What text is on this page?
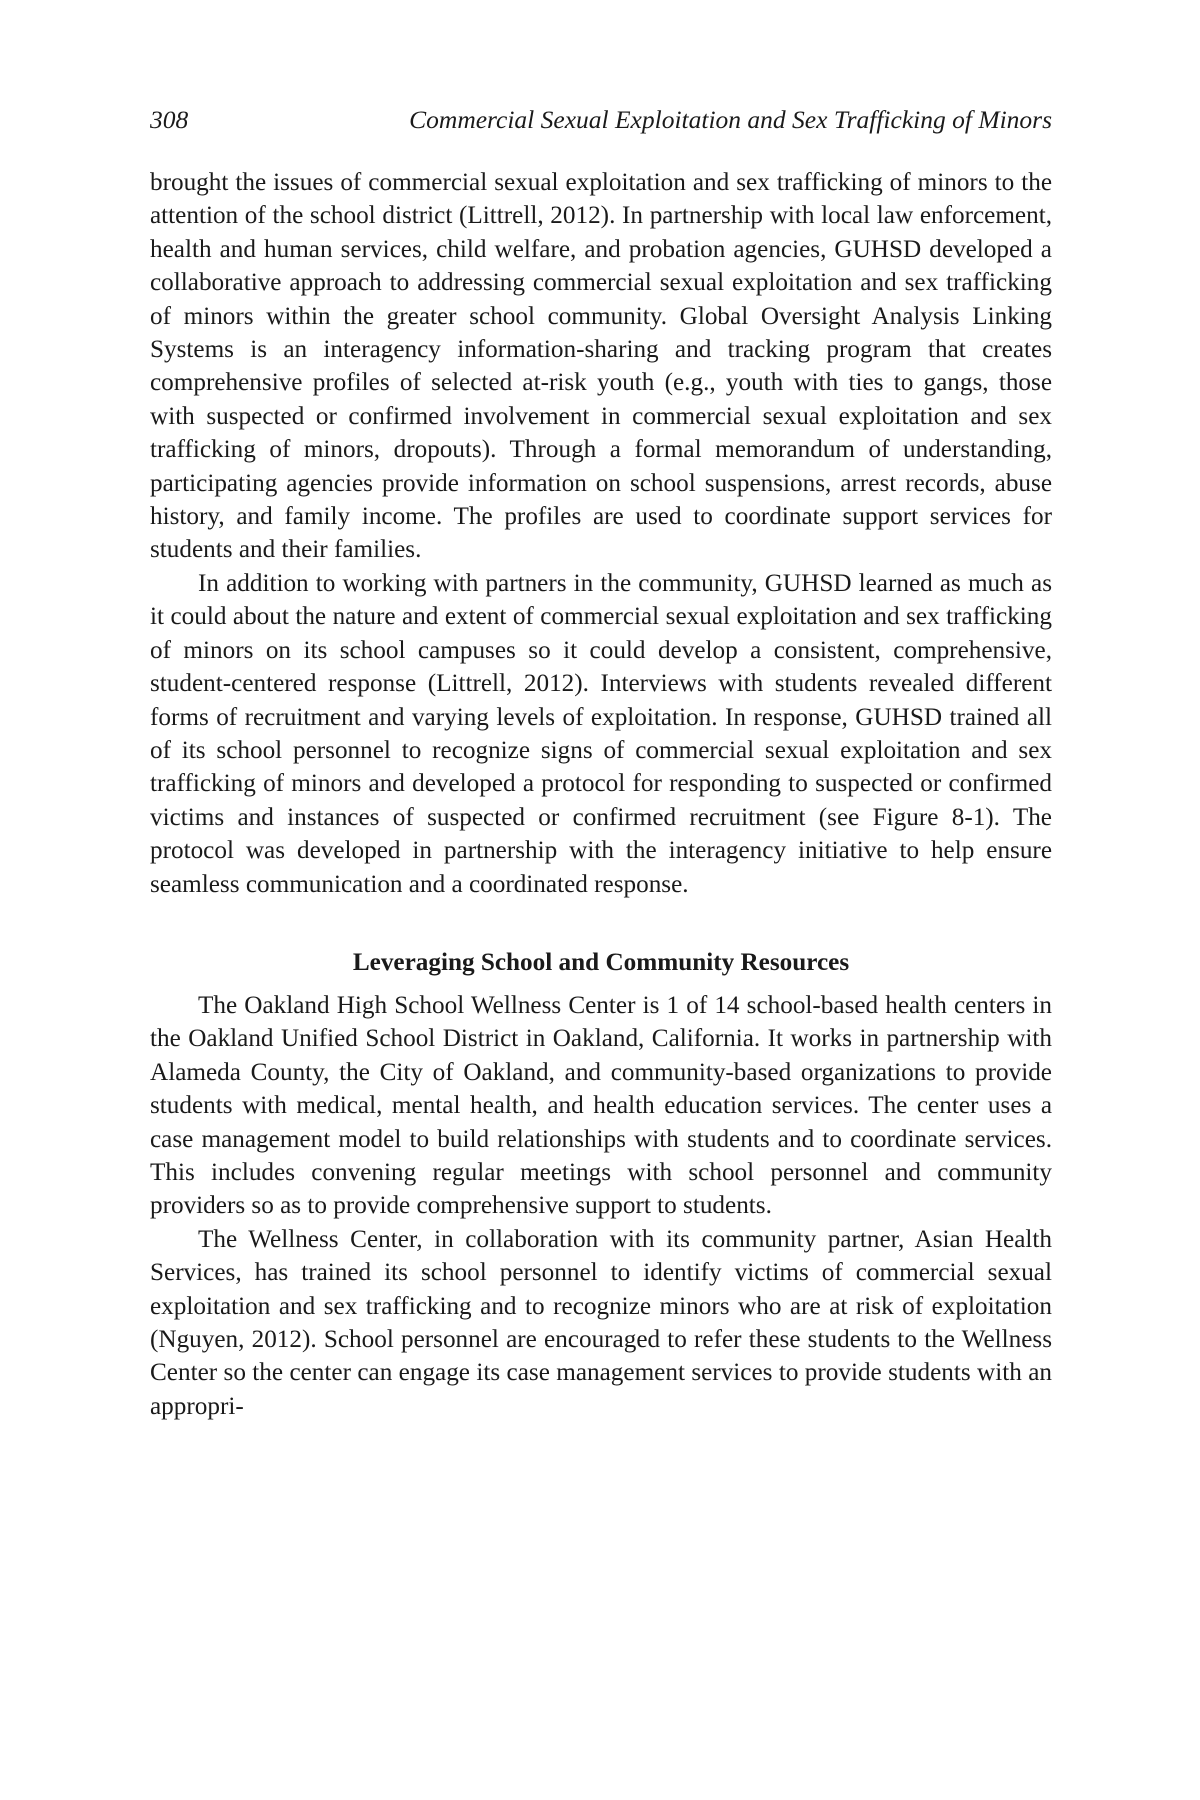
308	Commercial Sexual Exploitation and Sex Trafficking of Minors

brought the issues of commercial sexual exploitation and sex trafficking of minors to the attention of the school district (Littrell, 2012). In partnership with local law enforcement, health and human services, child welfare, and probation agencies, GUHSD developed a collaborative approach to addressing commercial sexual exploitation and sex trafficking of minors within the greater school community. Global Oversight Analysis Linking Systems is an interagency information-sharing and tracking program that creates comprehensive profiles of selected at-risk youth (e.g., youth with ties to gangs, those with suspected or confirmed involvement in commercial sexual exploitation and sex trafficking of minors, dropouts). Through a formal memorandum of understanding, participating agencies provide information on school suspensions, arrest records, abuse history, and family income. The profiles are used to coordinate support services for students and their families.

In addition to working with partners in the community, GUHSD learned as much as it could about the nature and extent of commercial sexual exploitation and sex trafficking of minors on its school campuses so it could develop a consistent, comprehensive, student-centered response (Littrell, 2012). Interviews with students revealed different forms of recruitment and varying levels of exploitation. In response, GUHSD trained all of its school personnel to recognize signs of commercial sexual exploitation and sex trafficking of minors and developed a protocol for responding to suspected or confirmed victims and instances of suspected or confirmed recruitment (see Figure 8-1). The protocol was developed in partnership with the interagency initiative to help ensure seamless communication and a coordinated response.

Leveraging School and Community Resources

The Oakland High School Wellness Center is 1 of 14 school-based health centers in the Oakland Unified School District in Oakland, California. It works in partnership with Alameda County, the City of Oakland, and community-based organizations to provide students with medical, mental health, and health education services. The center uses a case management model to build relationships with students and to coordinate services. This includes convening regular meetings with school personnel and community providers so as to provide comprehensive support to students.

The Wellness Center, in collaboration with its community partner, Asian Health Services, has trained its school personnel to identify victims of commercial sexual exploitation and sex trafficking and to recognize minors who are at risk of exploitation (Nguyen, 2012). School personnel are encouraged to refer these students to the Wellness Center so the center can engage its case management services to provide students with an appropri-
